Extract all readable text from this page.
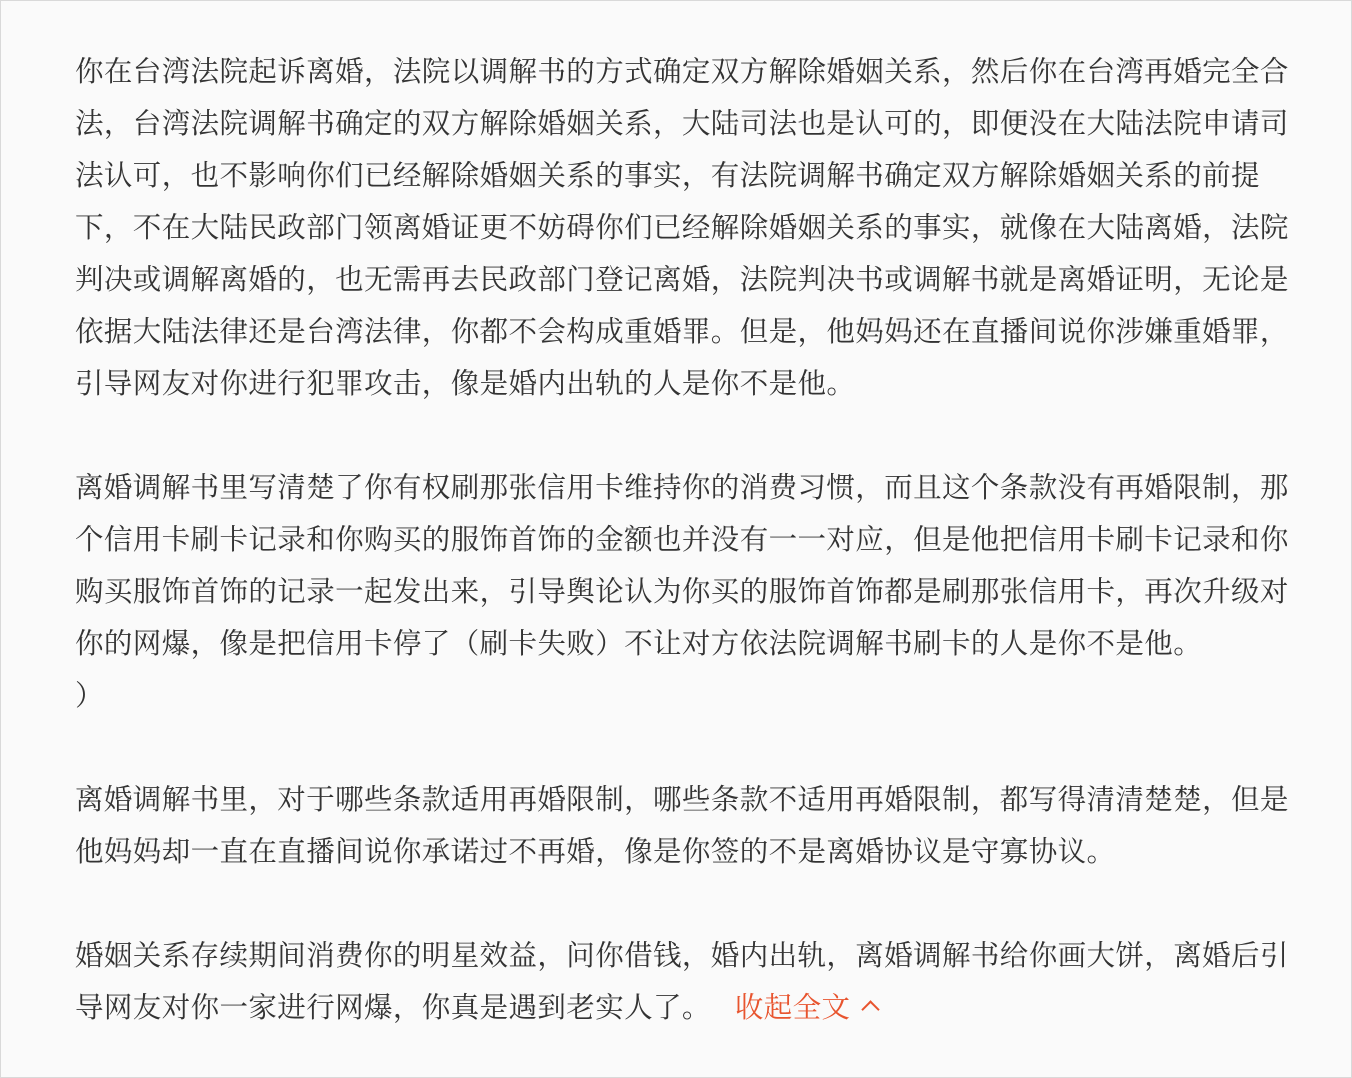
你在台湾法院起诉离婚，法院以调解书的方式确定双方解除婚姻关系，然后你在台湾再婚完全合法，台湾法院调解书确定的双方解除婚姻关系，大陆司法也是认可的，即便没在大陆法院申请司法认可，也不影响你们已经解除婚姻关系的事实，有法院调解书确定双方解除婚姻关系的前提下，不在大陆民政部门领离婚证更不妨碍你们已经解除婚姻关系的事实，就像在大陆离婚，法院判决或调解离婚的，也无需再去民政部门登记离婚，法院判决书或调解书就是离婚证明，无论是依据大陆法律还是台湾法律，你都不会构成重婚罪。但是，他妈妈还在直播间说你涉嫌重婚罪，引导网友对你进行犯罪攻击，像是婚内出轨的人是你不是他。

离婚调解书里写清楚了你有权刷那张信用卡维持你的消费习惯，而且这个条款没有再婚限制，那个信用卡刷卡记录和你购买的服饰首饰的金额也并没有一一对应，但是他把信用卡刷卡记录和你购买服饰首饰的记录一起发出来，引导舆论认为你买的服饰首饰都是刷那张信用卡，再次升级对你的网爆，像是把信用卡停了（刷卡失败）不让对方依法院调解书刷卡的人是你不是他。

）

离婚调解书里，对于哪些条款适用再婚限制，哪些条款不适用再婚限制，都写得清清楚楚，但是他妈妈却一直在直播间说你承诺过不再婚，像是你签的不是离婚协议是守寡协议。

婚姻关系存续期间消费你的明星效益，问你借钱，婚内出轨，离婚调解书给你画大饼，离婚后引导网友对你一家进行网爆，你真是遇到老实人了。 收起全文
